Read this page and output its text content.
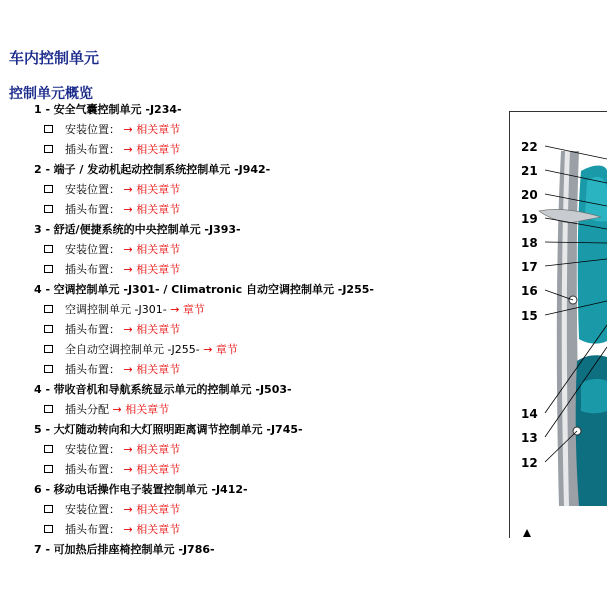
车内控制单元
控制单元概览
1 - 安全气囊控制单元 -J234-
安装位置： → 相关章节
插头布置： → 相关章节
2 - 端子 / 发动机起动控制系统控制单元 -J942-
安装位置： → 相关章节
插头布置： → 相关章节
3 - 舒适/便捷系统的中央控制单元 -J393-
安装位置： → 相关章节
插头布置： → 相关章节
4 - 空调控制单元 -J301- / Climatronic 自动空调控制单元 -J255-
空调控制单元 -J301- → 章节
插头布置： → 相关章节
全自动空调控制单元 -J255- → 章节
插头布置： → 相关章节
4 - 带收音机和导航系统显示单元的控制单元 -J503-
插头分配 → 相关章节
5 - 大灯随动转向和大灯照明距离调节控制单元 -J745-
安装位置： → 相关章节
插头布置： → 相关章节
6 - 移动电话操作电子装置控制单元 -J412-
安装位置： → 相关章节
插头布置： → 相关章节
7 - 可加热后排座椅控制单元 -J786-
22
21
20
19
18
17
16
15
14
13
12
